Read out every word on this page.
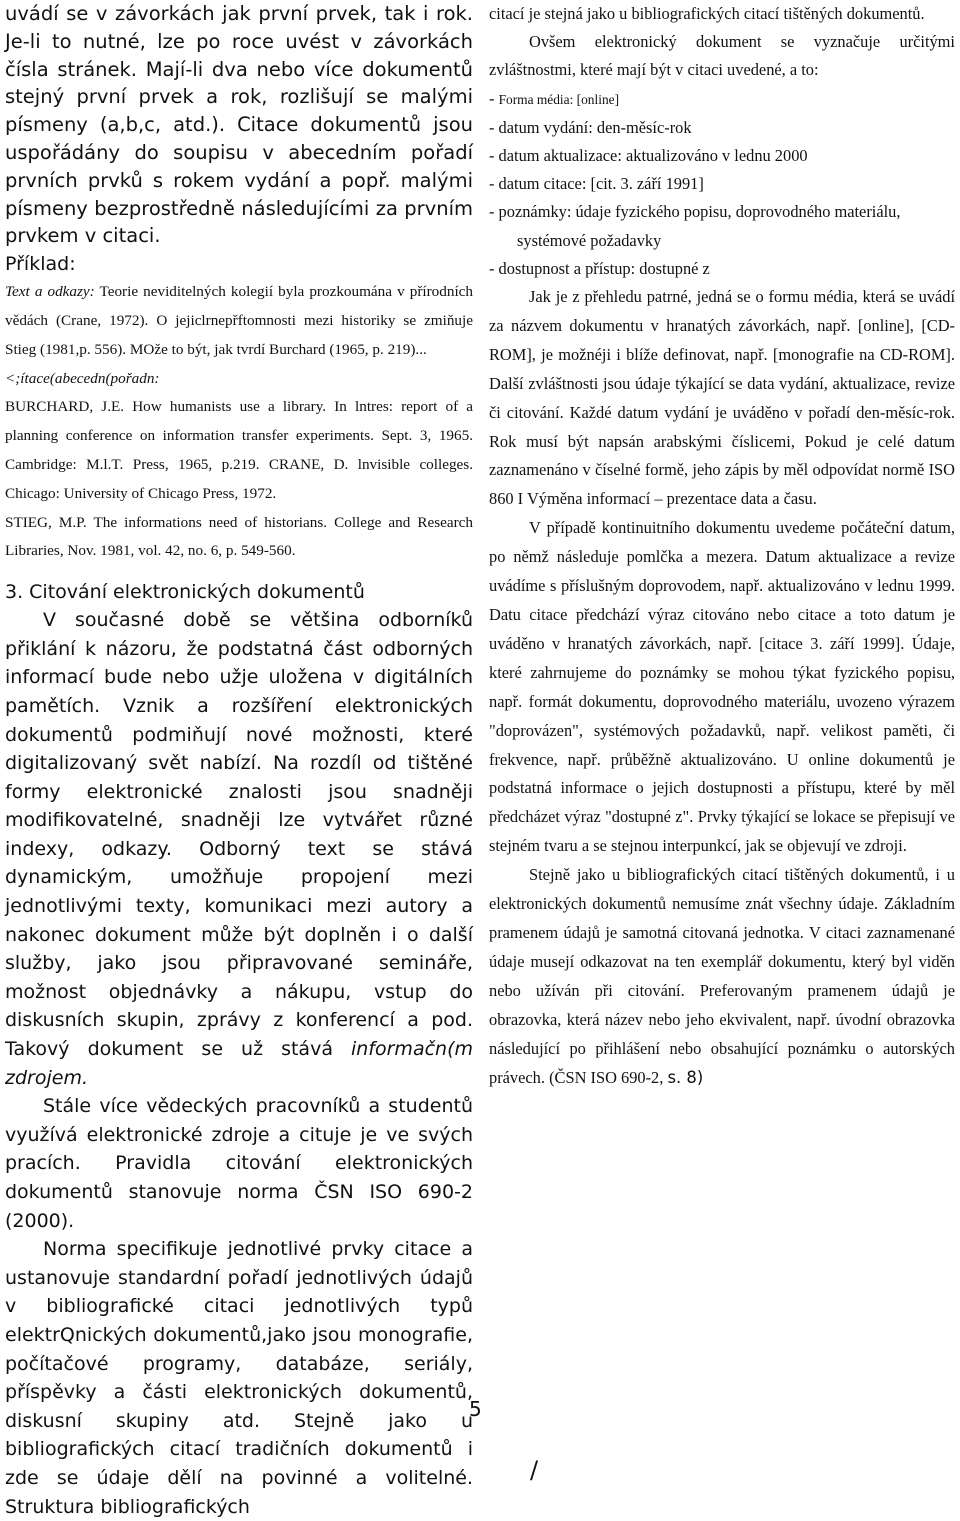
uvádí se v závorkách jak první prvek, tak i rok. Je-li to nutné, lze po roce uvést v závorkách čísla stránek. Mají-li dva nebo více dokumentů stejný první prvek a rok, rozlišují se malými písmeny (a,b,c, atd.). Citace dokumentů jsou uspořádány do soupisu v abecedním pořadí prvních prvků s rokem vydání a popř. malými písmeny bezprostředně následujícími za prvním prvkem v citaci.

Příklad:

Text a odkazy: Teorie neviditelných kolegií byla prozkoumána v přírodních vědách (Crane, 1972). O jejiclrnepřftomnosti mezi historiky se zmiňuje Stieg (1981,p. 556). MOže to být, jak tvrdí Burchard (1965, p. 219)...

<;ítace(abecedn(pořadn:

BURCHARD, J.E. How humanists use a library. In lntres: report of a planning conference on information transfer experiments. Sept. 3, 1965. Cambridge: M.l.T. Press, 1965, p.219. CRANE, D. lnvisible colleges. Chicago: University of Chicago Press, 1972.

STIEG, M.P. The informations need of historians. College and Research Libraries, Nov. 1981, vol. 42, no. 6, p. 549-560.

3. Citování elektronických dokumentů

V současné době se většina odborníků přiklání k názoru, že podstatná část odborných informací bude nebo užje uložena v digitálních pamětích. Vznik a rozšíření elektronických dokumentů podmiňují nové možnosti, které digitalizovaný svět nabízí. Na rozdíl od tištěné formy elektronické znalosti jsou snadněji modifikovatelné, snadněji lze vytvářet různé indexy, odkazy. Odborný text se stává dynamickým, umožňuje propojení mezi jednotlivými texty, komunikaci mezi autory a nakonec dokument může být doplněn i o další služby, jako jsou připravované semináře, možnost objednávky a nákupu, vstup do diskusních skupin, zprávy z konferencí a pod. Takový dokument se už stává informačn(m zdrojem.

Stále více vědeckých pracovníků a studentů využívá elektronické zdroje a cituje je ve svých pracích. Pravidla citování elektronických dokumentů stanovuje norma ČSN ISO 690-2 (2000).

Norma specifikuje jednotlivé prvky citace a ustanovuje standardní pořadí jednotlivých údajů v bibliografické citaci jednotlivých typů elektrQnických dokumentů,jako jsou monografie, počítačové programy, databáze, seriály, příspěvky a části elektronických dokumentů, diskusní skupiny atd. Stejně jako u bibliografických citací tradičních dokumentů i zde se údaje dělí na povinné a volitelné. Struktura bibliografických

citací je stejná jako u bibliografických citací tištěných dokumentů.

Ovšem elektronický dokument se vyznačuje určitými zvláštnostmi, které mají být v citaci uvedené, a to:

- Forma média: [online]

- datum vydání: den-měsíc-rok

- datum aktualizace: aktualizováno v lednu 2000

- datum citace: [cit. 3. září 1991]

- poznámky: údaje fyzického popisu, doprovodného materiálu, systémové požadavky

- dostupnost a přístup: dostupné z

Jak je z přehledu patrné, jedná se o formu média, která se uvádí za názvem dokumentu v hranatých závorkách, např. [online], [CD-ROM], je možnéji i blíže definovat, např. [monografie na CD-ROM]. Další zvláštnosti jsou údaje týkající se data vydání, aktualizace, revize či citování. Každé datum vydání je uváděno v pořadí den-měsíc-rok. Rok musí být napsán arabskými číslicemi, Pokud je celé datum zaznamenáno v číselné formě, jeho zápis by měl odpovídat normě ISO 860 I Výměna informací – prezentace data a času.

V případě kontinuitního dokumentu uvedeme počáteční datum, po němž následuje pomlčka a mezera. Datum aktualizace a revize uvádíme s příslušným doprovodem, např. aktualizováno v lednu 1999. Datu citace předchází výraz citováno nebo citace a toto datum je uváděno v hranatých závorkách, např. [citace 3. září 1999]. Údaje, které zahrnujeme do poznámky se mohou týkat fyzického popisu, např. formát dokumentu, doprovodného materiálu, uvozeno výrazem "doprovázen", systémových požadavků, např. velikost paměti, či frekvence, např. průběžně aktualizováno. U online dokumentů je podstatná informace o jejich dostupnosti a přístupu, které by měl předcházet výraz "dostupné z". Prvky týkající se lokace se přepisují ve stejném tvaru a se stejnou interpunkcí, jak se objevují ve zdroji.

Stejně jako u bibliografických citací tištěných dokumentů, i u elektronických dokumentů nemusíme znát všechny údaje. Základním pramenem údajů je samotná citovaná jednotka. V citaci zaznamenané údaje musejí odkazovat na ten exemplář dokumentu, který byl viděn nebo užíván při citování. Preferovaným pramenem údajů je obrazovka, která název nebo jeho ekvivalent, např. úvodní obrazovka následující po přihlášení nebo obsahující poznámku o autorských právech. (ČSN ISO 690-2, s. 8)

5
/
